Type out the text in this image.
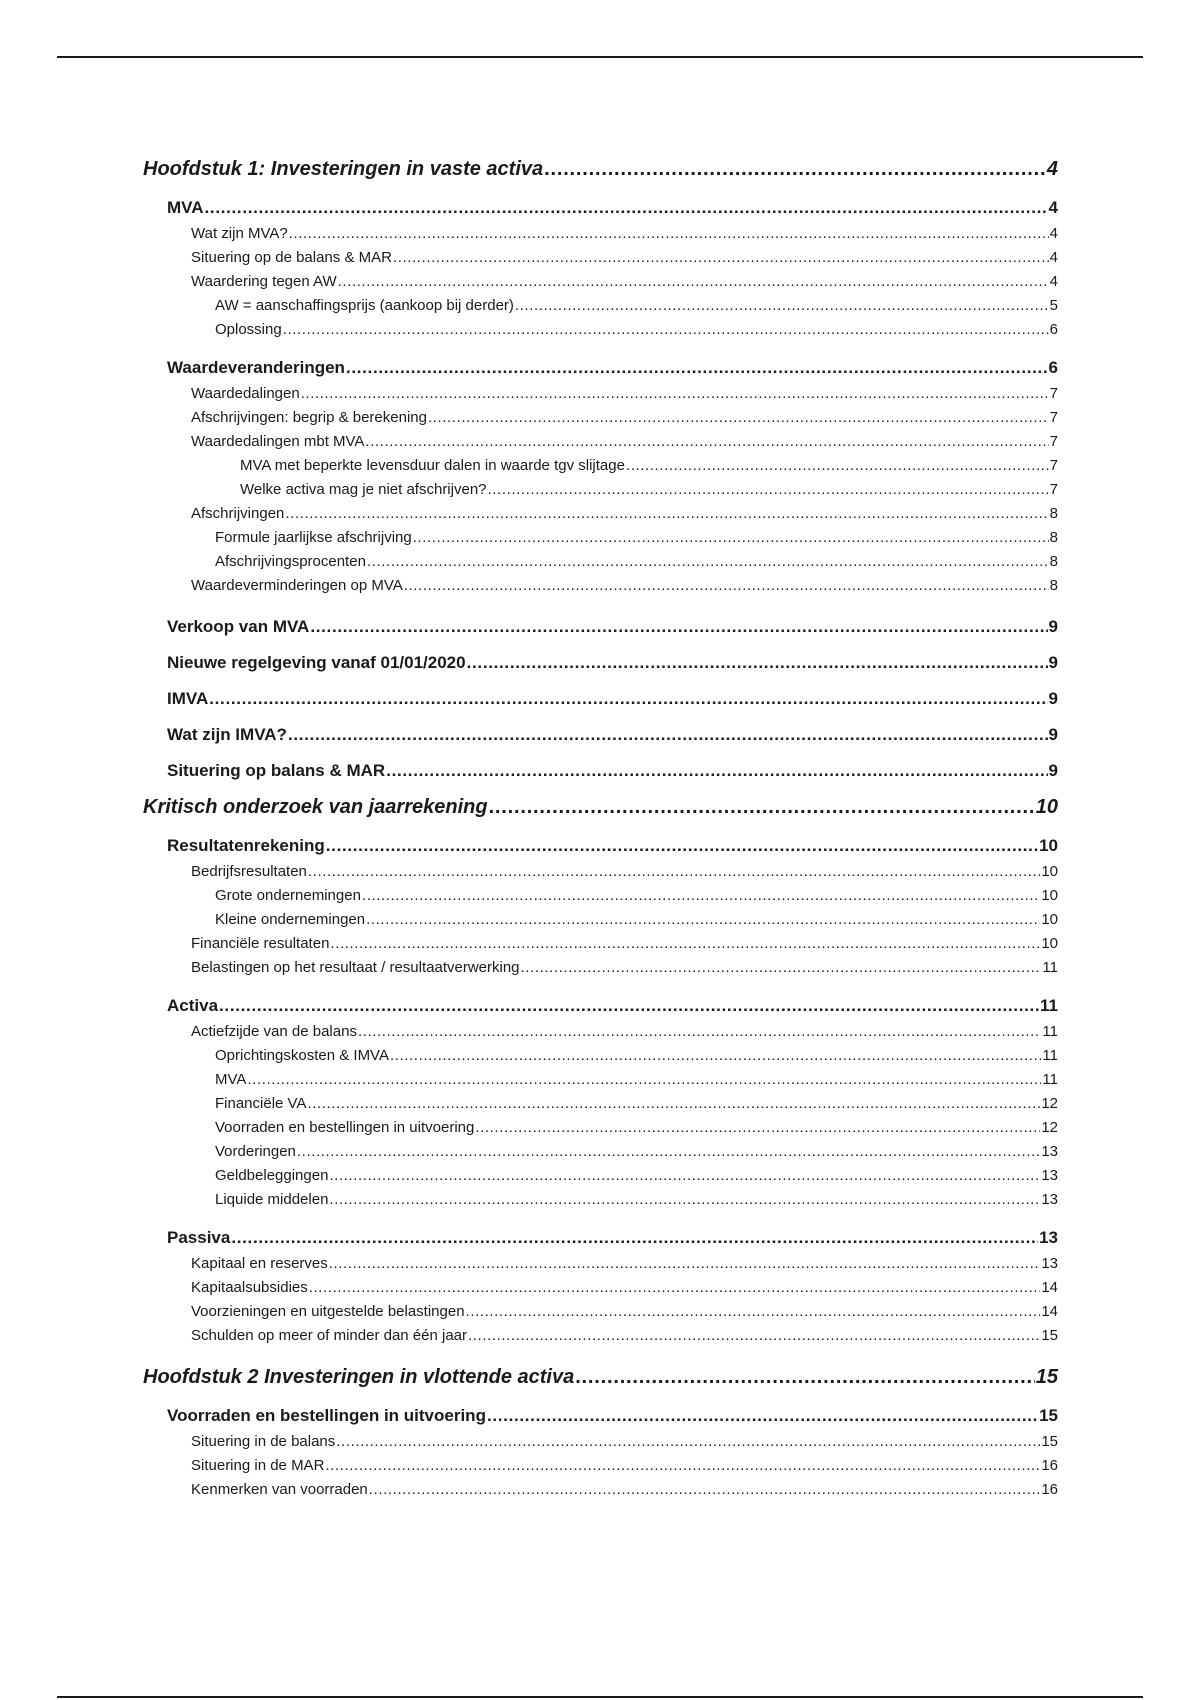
Hoofdstuk 1: Investeringen in vaste activa .....	4
MVA .....	4
Wat zijn MVA? .....	4
Situering op de balans & MAR .....	4
Waardering tegen AW .....	4
AW = aanschaffingsprijs (aankoop bij derder) .....	5
Oplossing .....	6
Waardeveranderingen .....	6
Waardedalingen .....	7
Afschrijvingen: begrip & berekening .....	7
Waardedalingen mbt MVA .....	7
MVA met beperkte levensduur dalen in waarde tgv slijtage .....	7
Welke activa mag je niet afschrijven? .....	7
Afschrijvingen .....	8
Formule jaarlijkse afschrijving .....	8
Afschrijvingsprocenten .....	8
Waardeverminderingen op MVA .....	8
Verkoop van MVA .....	9
Nieuwe regelgeving vanaf 01/01/2020 .....	9
IMVA .....	9
Wat zijn IMVA? .....	9
Situering op balans & MAR .....	9
Kritisch onderzoek van jaarrekening .....	10
Resultatenrekening .....	10
Bedrijfsresultaten .....	10
Grote ondernemingen .....	10
Kleine ondernemingen .....	10
Financiële resultaten .....	10
Belastingen op het resultaat / resultaatverwerking .....	11
Activa .....	11
Actiefzijde van de balans .....	11
Oprichtingskosten & IMVA .....	11
MVA .....	11
Financiële VA .....	12
Voorraden en bestellingen in uitvoering .....	12
Vorderingen .....	13
Geldbeleggingen .....	13
Liquide middelen .....	13
Passiva .....	13
Kapitaal en reserves .....	13
Kapitaalsubsidies .....	14
Voorzieningen en uitgestelde belastingen .....	14
Schulden op meer of minder dan één jaar .....	15
Hoofdstuk 2 Investeringen in vlottende activa .....	15
Voorraden en bestellingen in uitvoering .....	15
Situering in de balans .....	15
Situering in de MAR .....	16
Kenmerken van voorraden .....	16
